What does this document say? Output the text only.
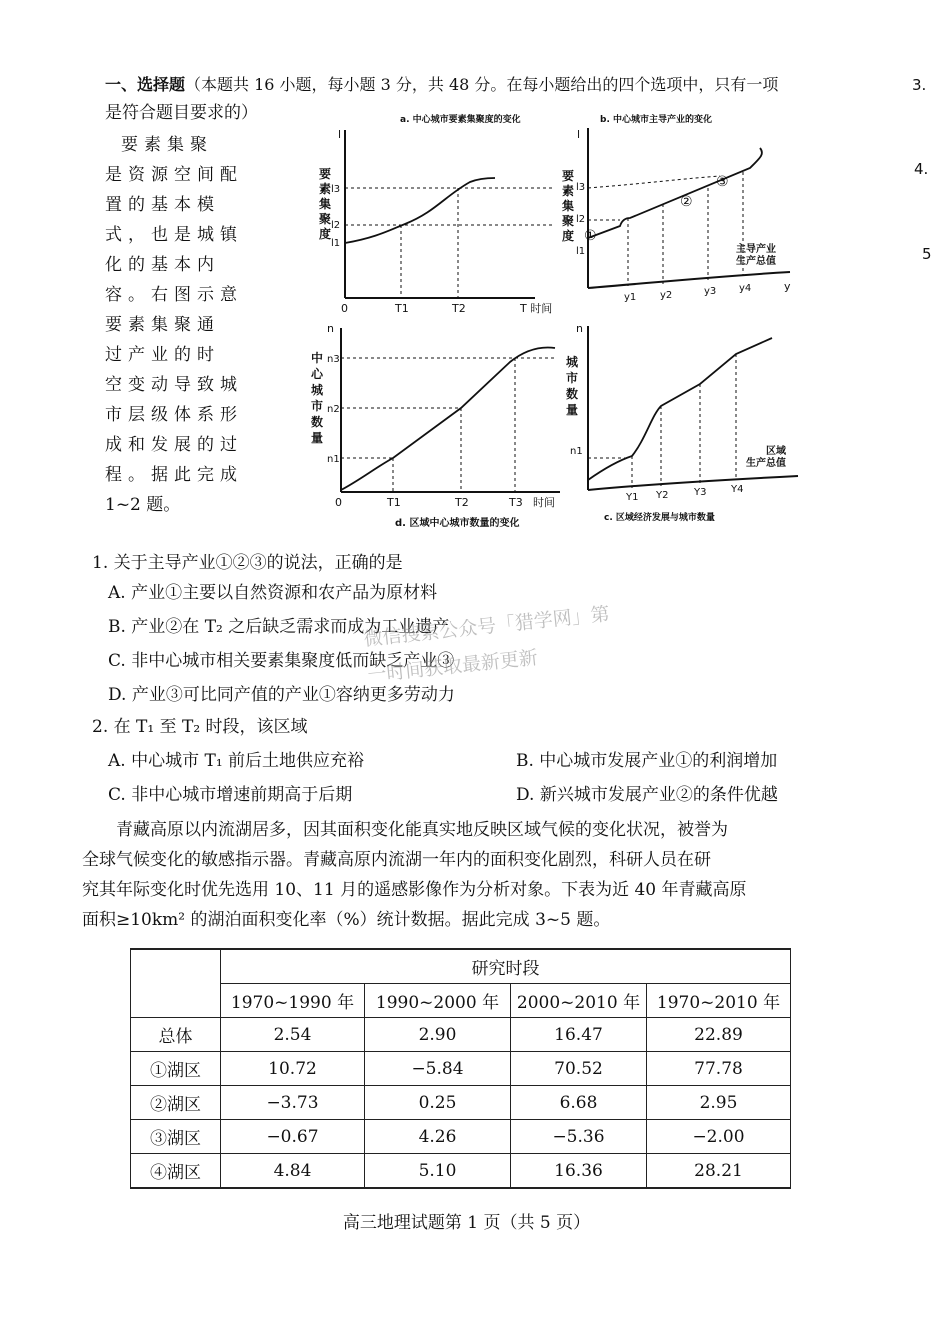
一、选择题（本题共 16 小题，每小题 3 分，共 48 分。在每小题给出的四个选项中，只有一项
是符合题目要求的）
3.
4.
5
要素集聚
是资源空间配
置的基本模
式，也是城镇
化的基本内
容。右图示意
要素集聚通
过产业的时
空变动导致城
市层级体系形
成和发展的过
程。据此完成
1~2 题。
a. 中心城市要素集聚度的变化
l
0
要素集聚度
l3
l2
l1
T1	T2	T 时间
b. 中心城市主导产业的变化
l
要素集聚度
l3
l2
l1
①
②
③
y1 y2	y3 y4	y
主导产业生产总值
n
0
中心城市数量
n3
n2
n1
T1	T2	T3 时间
d. 区域中心城市数量的变化
n
城市数量
n1
Y1 Y2	Y3 Y4
区域生产总值
c. 区域经济发展与城市数量
1. 关于主导产业①②③的说法，正确的是
A. 产业①主要以自然资源和农产品为原材料
B. 产业②在 T₂ 之后缺乏需求而成为工业遗产
C. 非中心城市相关要素集聚度低而缺乏产业③
D. 产业③可比同产值的产业①容纳更多劳动力
微信搜索公众号「猎学网」第一时间获取最新更新
2. 在 T₁ 至 T₂ 时段，该区域
A. 中心城市 T₁ 前后土地供应充裕	B. 中心城市发展产业①的利润增加
C. 非中心城市增速前期高于后期	D. 新兴城市发展产业②的条件优越
青藏高原以内流湖居多，因其面积变化能真实地反映区域气候的变化状况，被誉为
全球气候变化的敏感指示器。青藏高原内流湖一年内的面积变化剧烈，科研人员在研
究其年际变化时优先选用 10、11 月的遥感影像作为分析对象。下表为近 40 年青藏高原
面积≥10km² 的湖泊面积变化率（%）统计数据。据此完成 3~5 题。
	研究时段			
	1970~1990 年	1990~2000 年	2000~2010 年	1970~2010 年
总体	2.54	2.90	16.47	22.89
①湖区	10.72	−5.84	70.52	77.78
②湖区	−3.73	0.25	6.68	2.95
③湖区	−0.67	4.26	−5.36	−2.00
④湖区	4.84	5.10	16.36	28.21
高三地理试题第 1 页（共 5 页）
